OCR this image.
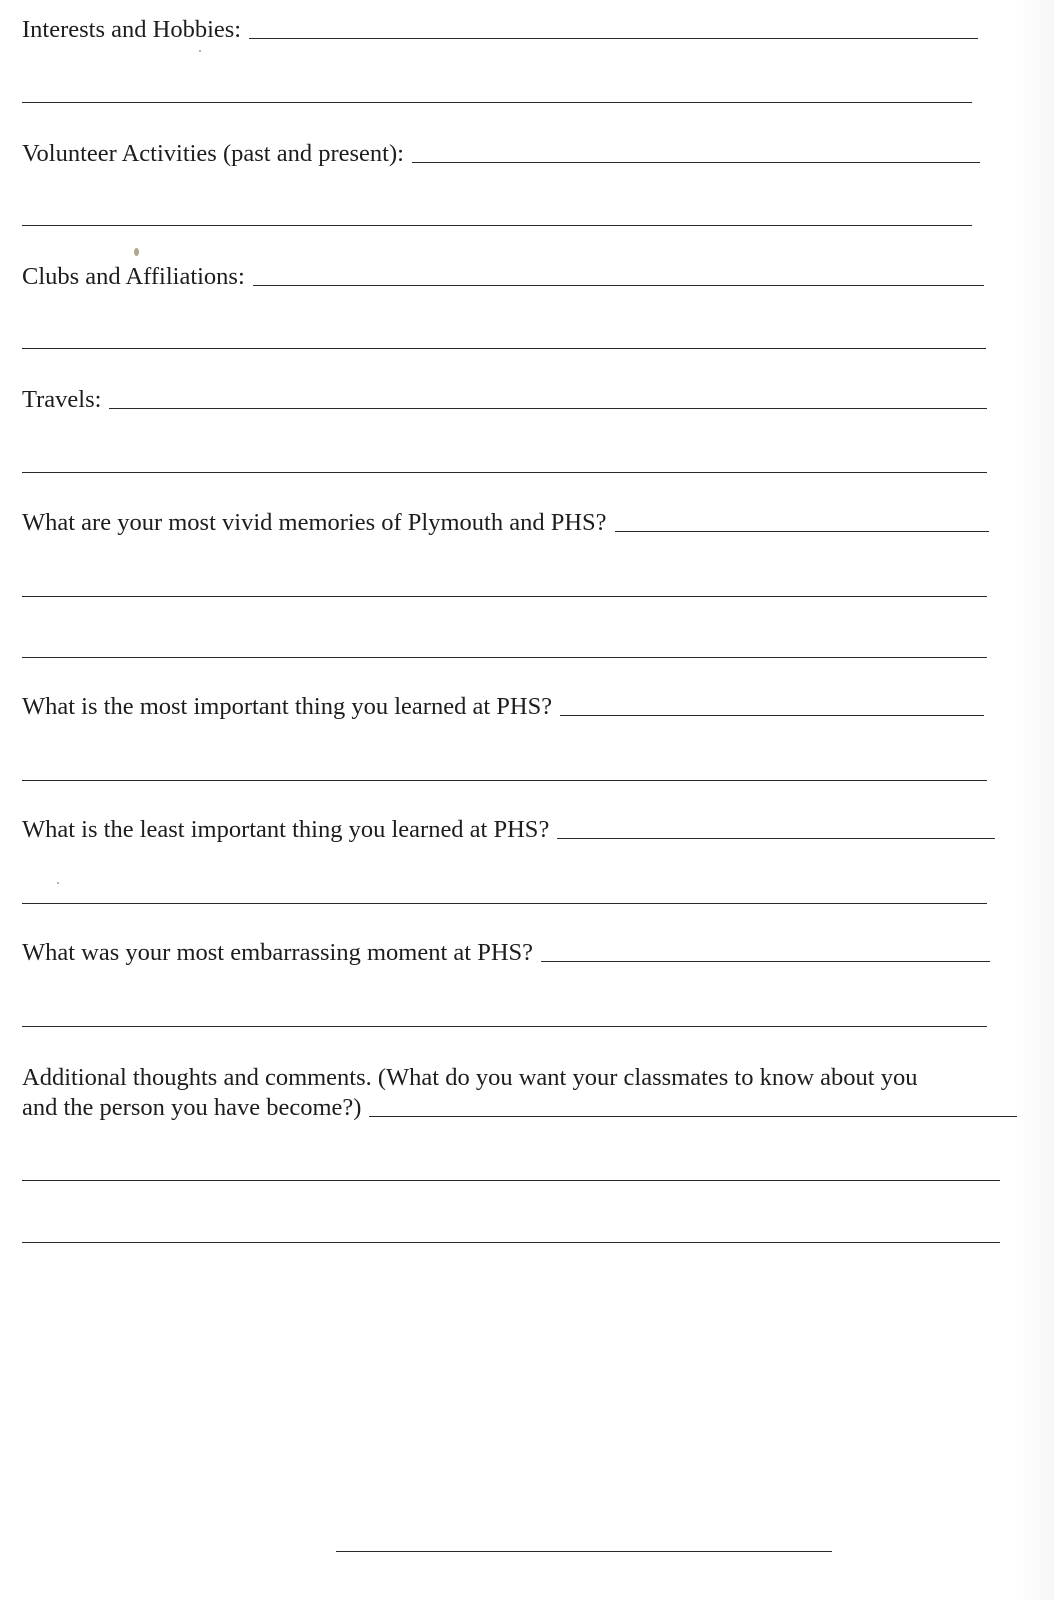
Interests and Hobbies:
Volunteer Activities (past and present):
Clubs and Affiliations:
Travels:
What are your most vivid memories of Plymouth and PHS?
What is the most important thing you learned at PHS?
What is the least important thing you learned at PHS?
What was your most embarrassing moment at PHS?
Additional thoughts and comments. (What do you want your classmates to know about you
and the person you have become?)
